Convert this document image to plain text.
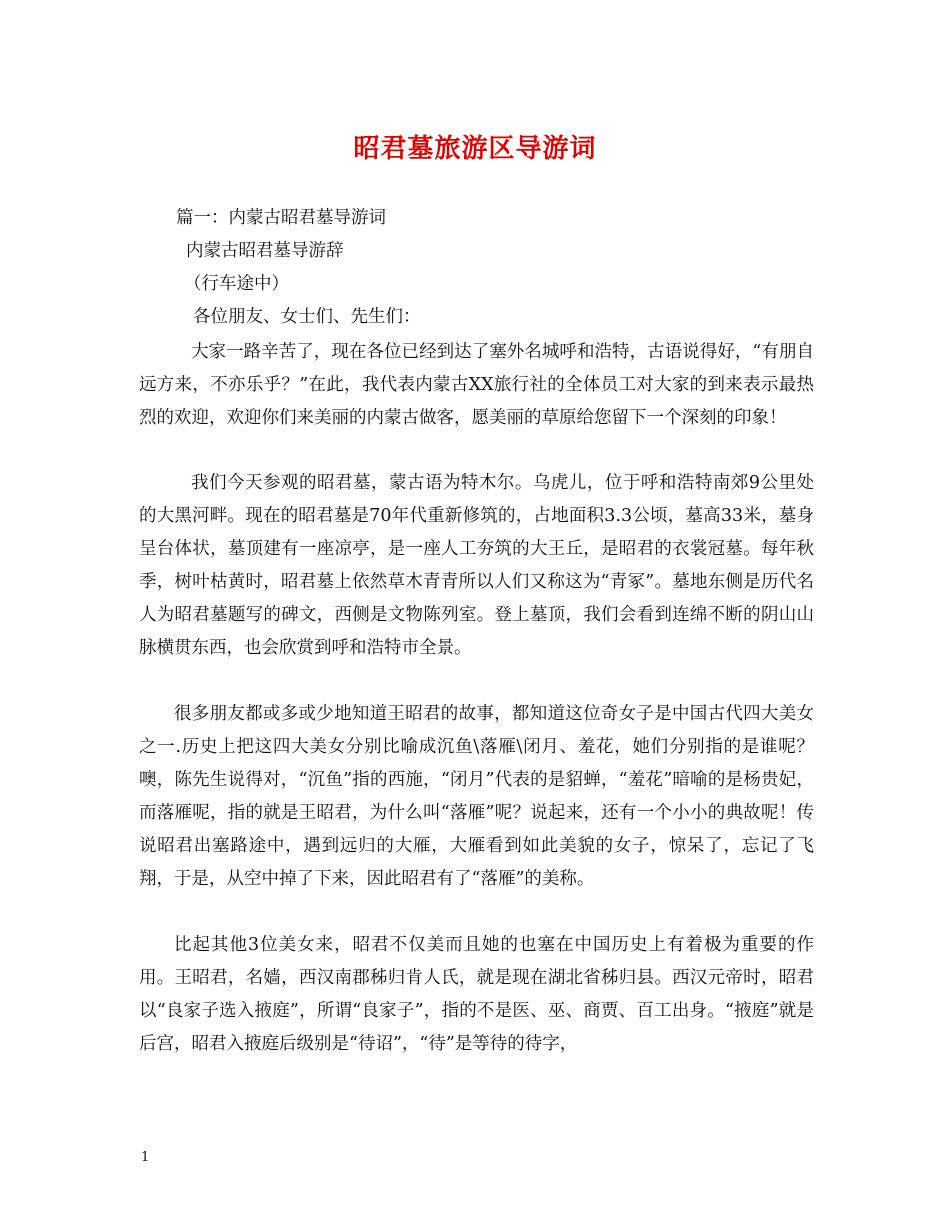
昭君墓旅游区导游词
篇一：内蒙古昭君墓导游词
内蒙古昭君墓导游辞
（行车途中）
各位朋友、女士们、先生们：
大家一路辛苦了，现在各位已经到达了塞外名城呼和浩特，古语说得好，“有朋自远方来，不亦乐乎？”在此，我代表内蒙古XX旅行社的全体员工对大家的到来表示最热烈的欢迎，欢迎你们来美丽的内蒙古做客，愿美丽的草原给您留下一个深刻的印象！
我们今天参观的昭君墓，蒙古语为特木尔。乌虎儿，位于呼和浩特南郊9公里处的大黑河畔。现在的昭君墓是70年代重新修筑的，占地面积3.3公顷，墓高33米，墓身呈台体状，墓顶建有一座凉亭，是一座人工夯筑的大王丘，是昭君的衣裳冠墓。每年秋季，树叶枯黄时，昭君墓上依然草木青青所以人们又称这为“青冢”。墓地东侧是历代名人为昭君墓题写的碑文，西侧是文物陈列室。登上墓顶，我们会看到连绵不断的阴山山脉横贯东西，也会欣赏到呼和浩特市全景。
很多朋友都或多或少地知道王昭君的故事，都知道这位奇女子是中国古代四大美女之一.历史上把这四大美女分别比喻成沉鱼\落雁\闭月、羞花，她们分别指的是谁呢？噢，陈先生说得对，“沉鱼”指的西施，“闭月”代表的是貂蝉，“羞花”暗喻的是杨贵妃，而落雁呢，指的就是王昭君，为什么叫“落雁”呢？说起来，还有一个小小的典故呢！传说昭君出塞路途中，遇到远归的大雁，大雁看到如此美貌的女子，惊呆了，忘记了飞翔，于是，从空中掉了下来，因此昭君有了“落雁”的美称。
比起其他3位美女来，昭君不仅美而且她的也塞在中国历史上有着极为重要的作用。王昭君，名嫱，西汉南郡秭归肯人氏，就是现在湖北省秭归县。西汉元帝时，昭君以“良家子选入掖庭”，所谓“良家子”，指的不是医、巫、商贾、百工出身。“掖庭”就是后宫，昭君入掖庭后级别是“待诏”，“待”是等待的待字，
1
